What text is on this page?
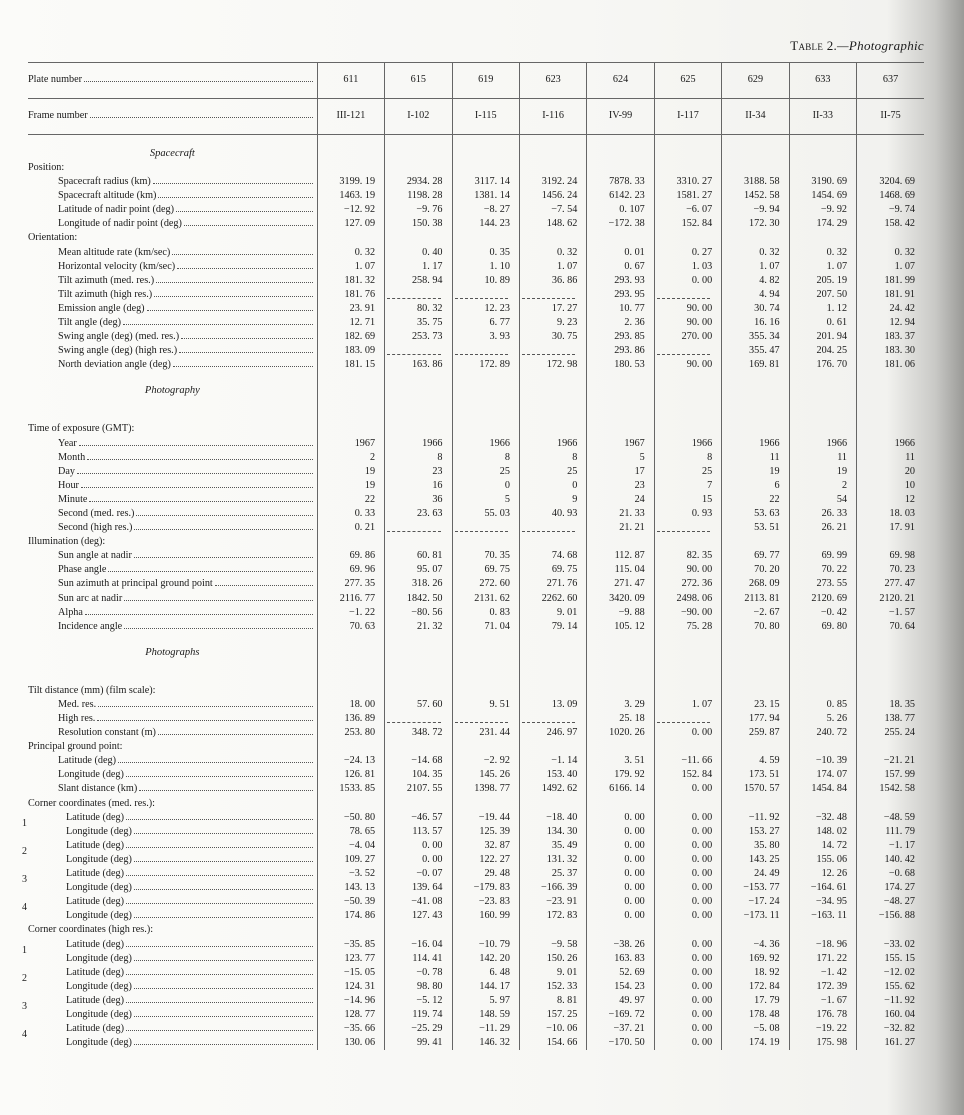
Table 2.—Photographic
Plate number	611	615	619	623	624	625	629	633	637

Frame number	III-121	I-102	I-115	I-116	IV-99	I-117	II-34	II-33	II-75
Spacecraft									
Position:									

Spacecraft radius (km)	3199. 19	2934. 28	3117. 14	3192. 24	7878. 33	3310. 27	3188. 58	3190. 69	3204. 69

Spacecraft altitude (km)	1463. 19	1198. 28	1381. 14	1456. 24	6142. 23	1581. 27	1452. 58	1454. 69	1468. 69

Latitude of nadir point (deg)	−12. 92	−9. 76	−8. 27	−7. 54	0. 107	−6. 07	−9. 94	−9. 92	−9. 74

Longitude of nadir point (deg)	127. 09	150. 38	144. 23	148. 62	−172. 38	152. 84	172. 30	174. 29	158. 42
Orientation:									

Mean altitude rate (km/sec)	0. 32	0. 40	0. 35	0. 32	0. 01	0. 27	0. 32	0. 32	0. 32

Horizontal velocity (km/sec)	1. 07	1. 17	1. 10	1. 07	0. 67	1. 03	1. 07	1. 07	1. 07

Tilt azimuth (med. res.)	181. 32	258. 94	10. 89	36. 86	293. 93	0. 00	4. 82	205. 19	181. 99

Tilt azimuth (high res.)	181. 76				293. 95		4. 94	207. 50	181. 91

Emission angle (deg)	23. 91	80. 32	12. 23	17. 27	10. 77	90. 00	30. 74	1. 12	24. 42

Tilt angle (deg)	12. 71	35. 75	6. 77	9. 23	2. 36	90. 00	16. 16	0. 61	12. 94

Swing angle (deg) (med. res.)	182. 69	253. 73	3. 93	30. 75	293. 85	270. 00	355. 34	201. 94	183. 37

Swing angle (deg) (high res.)	183. 09				293. 86		355. 47	204. 25	183. 30

North deviation angle (deg)	181. 15	163. 86	172. 89	172. 98	180. 53	90. 00	169. 81	176. 70	181. 06
Photography									

Time of exposure (GMT):									

Year	1967	1966	1966	1966	1967	1966	1966	1966	1966

Month	2	8	8	8	5	8	11	11	11

Day	19	23	25	25	17	25	19	19	20

Hour	19	16	0	0	23	7	6	2	10

Minute	22	36	5	9	24	15	22	54	12

Second (med. res.)	0. 33	23. 63	55. 03	40. 93	21. 33	0. 93	53. 63	26. 33	18. 03

Second (high res.)	0. 21				21. 21		53. 51	26. 21	17. 91
Illumination (deg):									

Sun angle at nadir	69. 86	60. 81	70. 35	74. 68	112. 87	82. 35	69. 77	69. 99	69. 98

Phase angle	69. 96	95. 07	69. 75	69. 75	115. 04	90. 00	70. 20	70. 22	70. 23

Sun azimuth at principal ground point	277. 35	318. 26	272. 60	271. 76	271. 47	272. 36	268. 09	273. 55	277. 47

Sun arc at nadir	2116. 77	1842. 50	2131. 62	2262. 60	3420. 09	2498. 06	2113. 81	2120. 69	2120. 21

Alpha	−1. 22	−80. 56	0. 83	9. 01	−9. 88	−90. 00	−2. 67	−0. 42	−1. 57

Incidence angle	70. 63	21. 32	71. 04	79. 14	105. 12	75. 28	70. 80	69. 80	70. 64
Photographs									

Tilt distance (mm) (film scale):									

Med. res.	18. 00	57. 60	9. 51	13. 09	3. 29	1. 07	23. 15	0. 85	18. 35

High res.	136. 89				25. 18		177. 94	5. 26	138. 77

Resolution constant (m)	253. 80	348. 72	231. 44	246. 97	1020. 26	0. 00	259. 87	240. 72	255. 24
Principal ground point:									

Latitude (deg)	−24. 13	−14. 68	−2. 92	−1. 14	3. 51	−11. 66	4. 59	−10. 39	−21. 21

Longitude (deg)	126. 81	104. 35	145. 26	153. 40	179. 92	152. 84	173. 51	174. 07	157. 99

Slant distance (km)	1533. 85	2107. 55	1398. 77	1492. 62	6166. 14	0. 00	1570. 57	1454. 84	1542. 58
Corner coordinates (med. res.):									

1
Latitude (deg)	−50. 80	−46. 57	−19. 44	−18. 40	0. 00	0. 00	−11. 92	−32. 48	−48. 59

Longitude (deg)	78. 65	113. 57	125. 39	134. 30	0. 00	0. 00	153. 27	148. 02	111. 79

2
Latitude (deg)	−4. 04	0. 00	32. 87	35. 49	0. 00	0. 00	35. 80	14. 72	−1. 17

Longitude (deg)	109. 27	0. 00	122. 27	131. 32	0. 00	0. 00	143. 25	155. 06	140. 42

3
Latitude (deg)	−3. 52	−0. 07	29. 48	25. 37	0. 00	0. 00	24. 49	12. 26	−0. 68

Longitude (deg)	143. 13	139. 64	−179. 83	−166. 39	0. 00	0. 00	−153. 77	−164. 61	174. 27

4
Latitude (deg)	−50. 39	−41. 08	−23. 83	−23. 91	0. 00	0. 00	−17. 24	−34. 95	−48. 27

Longitude (deg)	174. 86	127. 43	160. 99	172. 83	0. 00	0. 00	−173. 11	−163. 11	−156. 88
Corner coordinates (high res.):									

1
Latitude (deg)	−35. 85	−16. 04	−10. 79	−9. 58	−38. 26	0. 00	−4. 36	−18. 96	−33. 02

Longitude (deg)	123. 77	114. 41	142. 20	150. 26	163. 83	0. 00	169. 92	171. 22	155. 15

2
Latitude (deg)	−15. 05	−0. 78	6. 48	9. 01	52. 69	0. 00	18. 92	−1. 42	−12. 02

Longitude (deg)	124. 31	98. 80	144. 17	152. 33	154. 23	0. 00	172. 84	172. 39	155. 62

3
Latitude (deg)	−14. 96	−5. 12	5. 97	8. 81	49. 97	0. 00	17. 79	−1. 67	−11. 92

Longitude (deg)	128. 77	119. 74	148. 59	157. 25	−169. 72	0. 00	178. 48	176. 78	160. 04

4
Latitude (deg)	−35. 66	−25. 29	−11. 29	−10. 06	−37. 21	0. 00	−5. 08	−19. 22	−32. 82

Longitude (deg)	130. 06	99. 41	146. 32	154. 66	−170. 50	0. 00	174. 19	175. 98	161. 27
